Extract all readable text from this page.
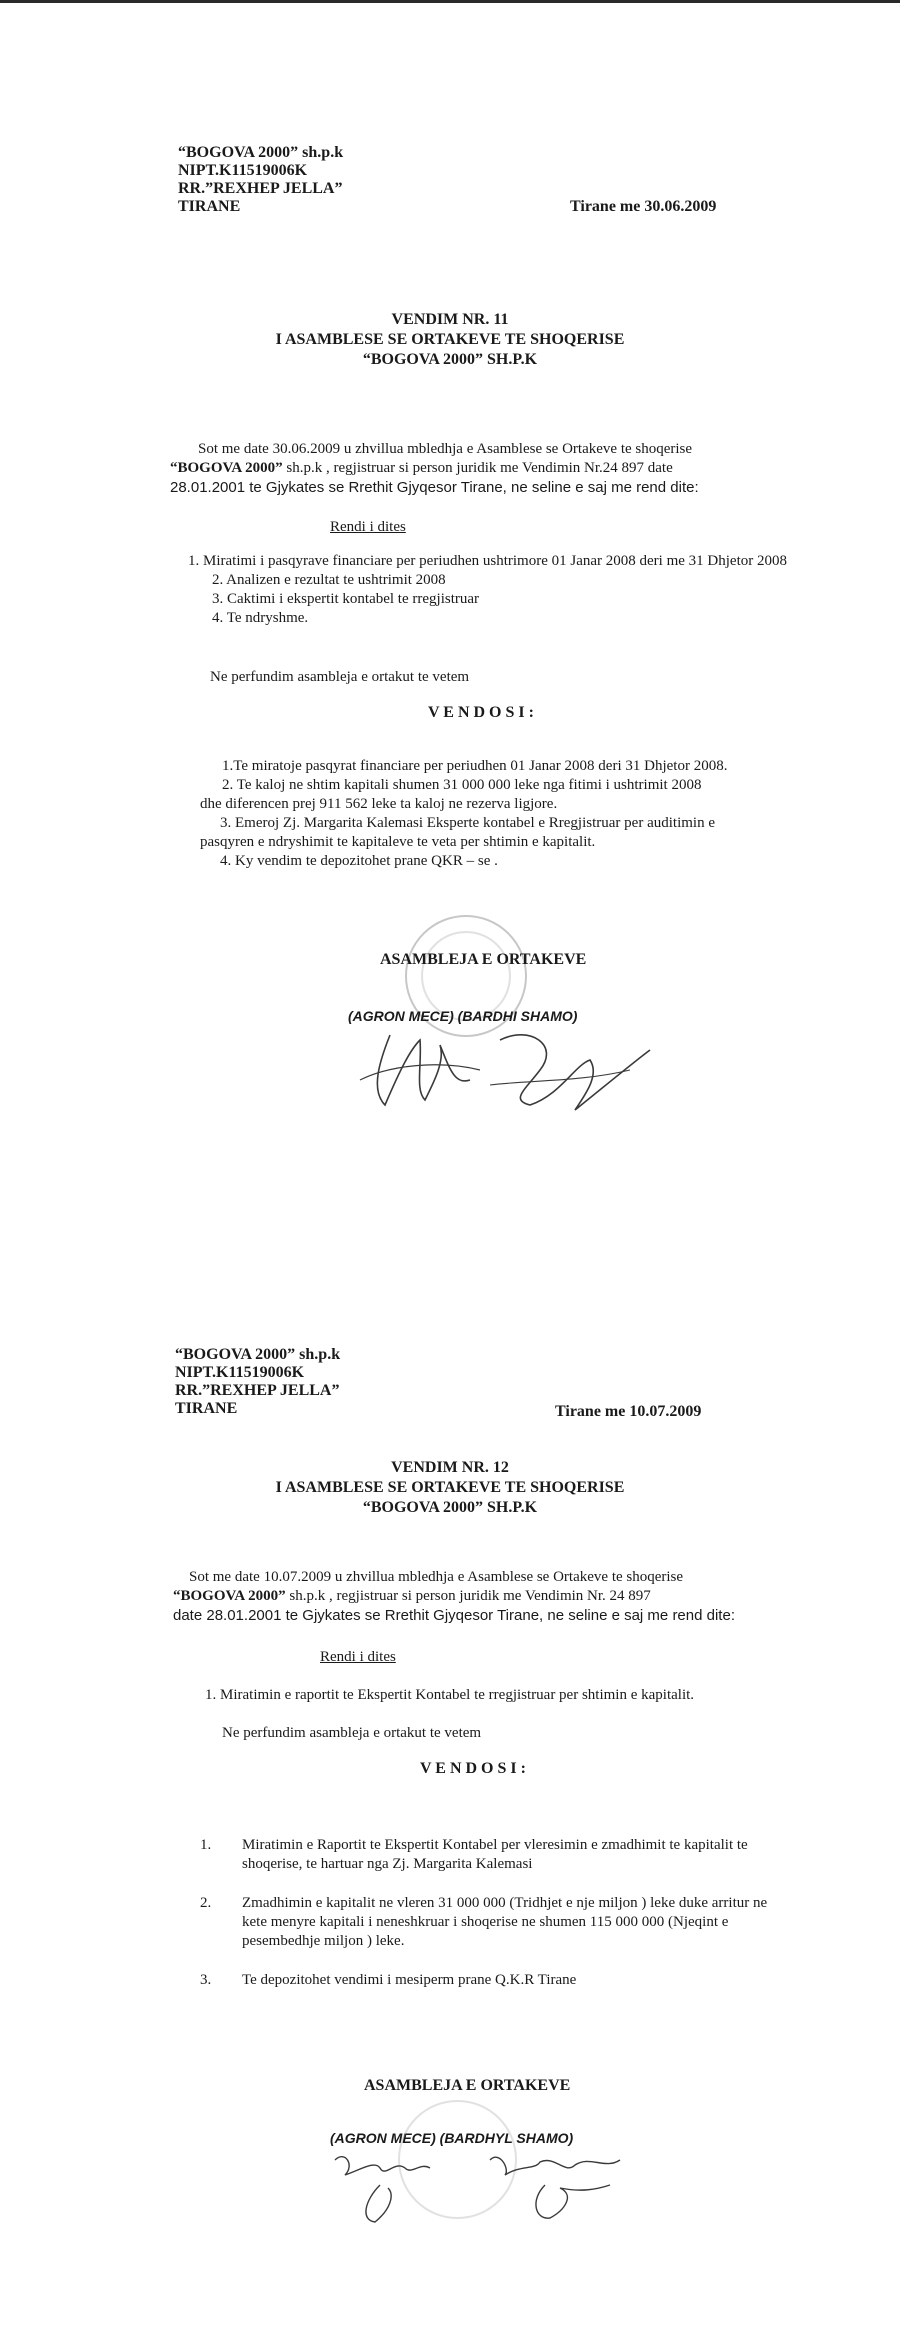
“BOGOVA 2000” sh.p.k
NIPT.K11519006K
RR.”REXHEP JELLA”
TIRANE	Tirane me 30.06.2009
VENDIM NR. 11
I ASAMBLESE SE ORTAKEVE TE SHOQERISE
“BOGOVA 2000” SH.P.K
Sot me date 30.06.2009 u zhvillua mbledhja e Asamblese se Ortakeve te shoqerise
“BOGOVA 2000” sh.p.k , regjistruar si person juridik me Vendimin Nr.24 897 date
28.01.2001 te Gjykates se Rrethit Gjyqesor Tirane, ne seline e saj me rend dite:
Rendi i dites
1. Miratimi i pasqyrave financiare per periudhen ushtrimore 01 Janar 2008 deri me 31 Dhjetor 2008
2. Analizen e rezultat te ushtrimit 2008
3. Caktimi i ekspertit kontabel te rregjistruar
4. Te ndryshme.
Ne perfundim asambleja e ortakut te vetem
V E N D O S I :
1.Te miratoje pasqyrat financiare per periudhen 01 Janar 2008 deri 31 Dhjetor 2008.
2. Te kaloj ne shtim kapitali shumen 31 000 000 leke nga fitimi i ushtrimit 2008
dhe diferencen prej 911 562 leke ta kaloj ne rezerva ligjore.
3. Emeroj Zj. Margarita Kalemasi Eksperte kontabel e Rregjistruar per auditimin e
pasqyren e ndryshimit te kapitaleve te veta per shtimin e kapitalit.
4. Ky vendim te depozitohet prane QKR – se .
ASAMBLEJA E ORTAKEVE
(AGRON MECE) (BARDHI SHAMO)
“BOGOVA 2000” sh.p.k
NIPT.K11519006K
RR.”REXHEP JELLA”
TIRANE	Tirane me 10.07.2009
VENDIM NR. 12
I ASAMBLESE SE ORTAKEVE TE SHOQERISE
“BOGOVA 2000” SH.P.K
Sot me date 10.07.2009 u zhvillua mbledhja e Asamblese se Ortakeve te shoqerise
“BOGOVA 2000” sh.p.k , regjistruar si person juridik me Vendimin Nr. 24 897
date 28.01.2001 te Gjykates se Rrethit Gjyqesor Tirane, ne seline e saj me rend dite:
Rendi i dites
1. Miratimin e raportit te Ekspertit Kontabel te rregjistruar per shtimin e kapitalit.
Ne perfundim asambleja e ortakut te vetem
V E N D O S I :
1.	Miratimin e Raportit te Ekspertit Kontabel per vleresimin e zmadhimit te kapitalit te shoqerise, te hartuar nga Zj. Margarita Kalemasi
2.	Zmadhimin e kapitalit ne vleren 31 000 000 (Tridhjet e nje miljon ) leke duke arritur ne kete menyre kapitali i neneshkruar i shoqerise ne shumen 115 000 000 (Njeqint e pesembedhje miljon ) leke.
3.	Te depozitohet vendimi i mesiperm prane Q.K.R Tirane
ASAMBLEJA E ORTAKEVE
(AGRON MECE) (BARDHYL SHAMO)
